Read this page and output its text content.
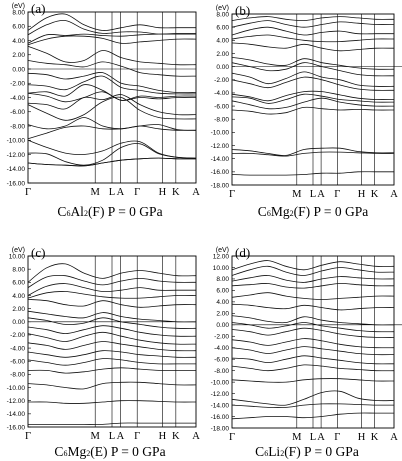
8.00
6.00
4.00
2.00
0.00
-2.00
-4.00
-6.00
-8.00
-10.00
-12.00
-14.00
-16.00
(eV) (a)
Γ	M L A Γ H K A
8.00
6.00
4.00
2.00
0.00
-2.00
-4.00
-6.00
-8.00
-10.00
-12.00
-14.00
-16.00
-18.00
(eV) (b)
Γ	M L A Γ H K A
10.00
8.00
6.00
4.00
2.00
0.00
-2.00
-4.00
-6.00
-8.00
-10.00
-12.00
-14.00
-16.00
(eV) (c)
Γ	M L A Γ H K A
12.00
10.00
8.00
6.00
4.00
2.00
0.00
-2.00
-4.00
-6.00
-8.00
-10.00
-12.00
-14.00
-16.00
-18.00
(eV) (d)
Γ	M L A Γ H K A
C6Al2(F) P = 0 GPa	C6Mg2(F) P = 0 GPa
C6Mg2(E) P = 0 GPa	C6Li2(F) P = 0 GPa
